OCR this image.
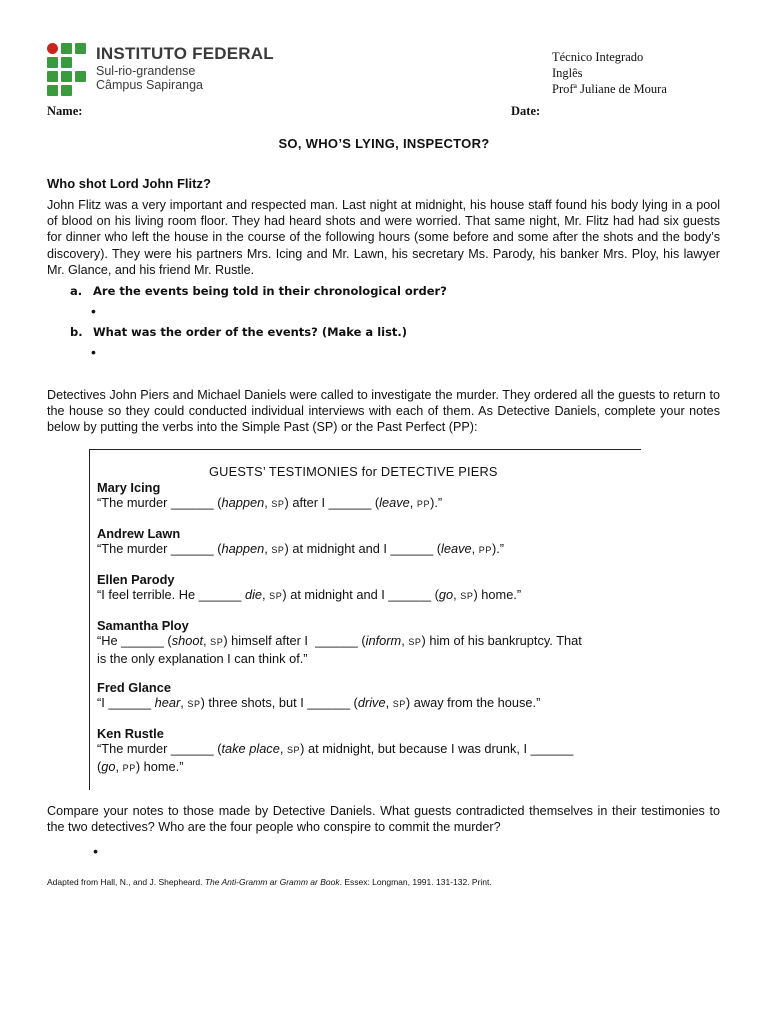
INSTITUTO FEDERAL
Sul-rio-grandense
Câmpus Sapiranga
Técnico Integrado
Inglês
Profª Juliane de Moura
Name:	Date:
SO, WHO’S LYING, INSPECTOR?
Who shot Lord John Flitz?
John Flitz was a very important and respected man. Last night at midnight, his house staff found his body lying in a pool of blood on his living room floor. They had heard shots and were worried. That same night, Mr. Flitz had had six guests for dinner who left the house in the course of the following hours (some before and some after the shots and the body’s discovery). They were his partners Mrs. Icing and Mr. Lawn, his secretary Ms. Parody, his banker Mrs. Ploy, his lawyer Mr. Glance, and his friend Mr. Rustle.
a. Are the events being told in their chronological order?
•
b. What was the order of the events? (Make a list.)
•
Detectives John Piers and Michael Daniels were called to investigate the murder. They ordered all the guests to return to the house so they could conducted individual interviews with each of them. As Detective Daniels, complete your notes below by putting the verbs into the Simple Past (SP) or the Past Perfect (PP):
GUESTS’ TESTIMONIES for DETECTIVE PIERS
Mary Icing
“The murder ______ (happen, SP) after I ______ (leave, PP).”
Andrew Lawn
“The murder ______ (happen, SP) at midnight and I ______ (leave, PP).”
Ellen Parody
“I feel terrible. He ______ die, SP) at midnight and I ______ (go, SP) home.”
Samantha Ploy
“He ______ (shoot, SP) himself after I  ______ (inform, SP) him of his bankruptcy. That
is the only explanation I can think of.”
Fred Glance
“I ______ hear, SP) three shots, but I ______ (drive, SP) away from the house.”
Ken Rustle
“The murder ______ (take place, SP) at midnight, but because I was drunk, I ______
(go, PP) home.”
Compare your notes to those made by Detective Daniels. What guests contradicted themselves in their testimonies to the two detectives? Who are the four people who conspire to commit the murder?
•
Adapted from Hall, N., and J. Shepheard. The Anti-Gramm ar Gramm ar Book. Essex: Longman, 1991. 131-132. Print.
